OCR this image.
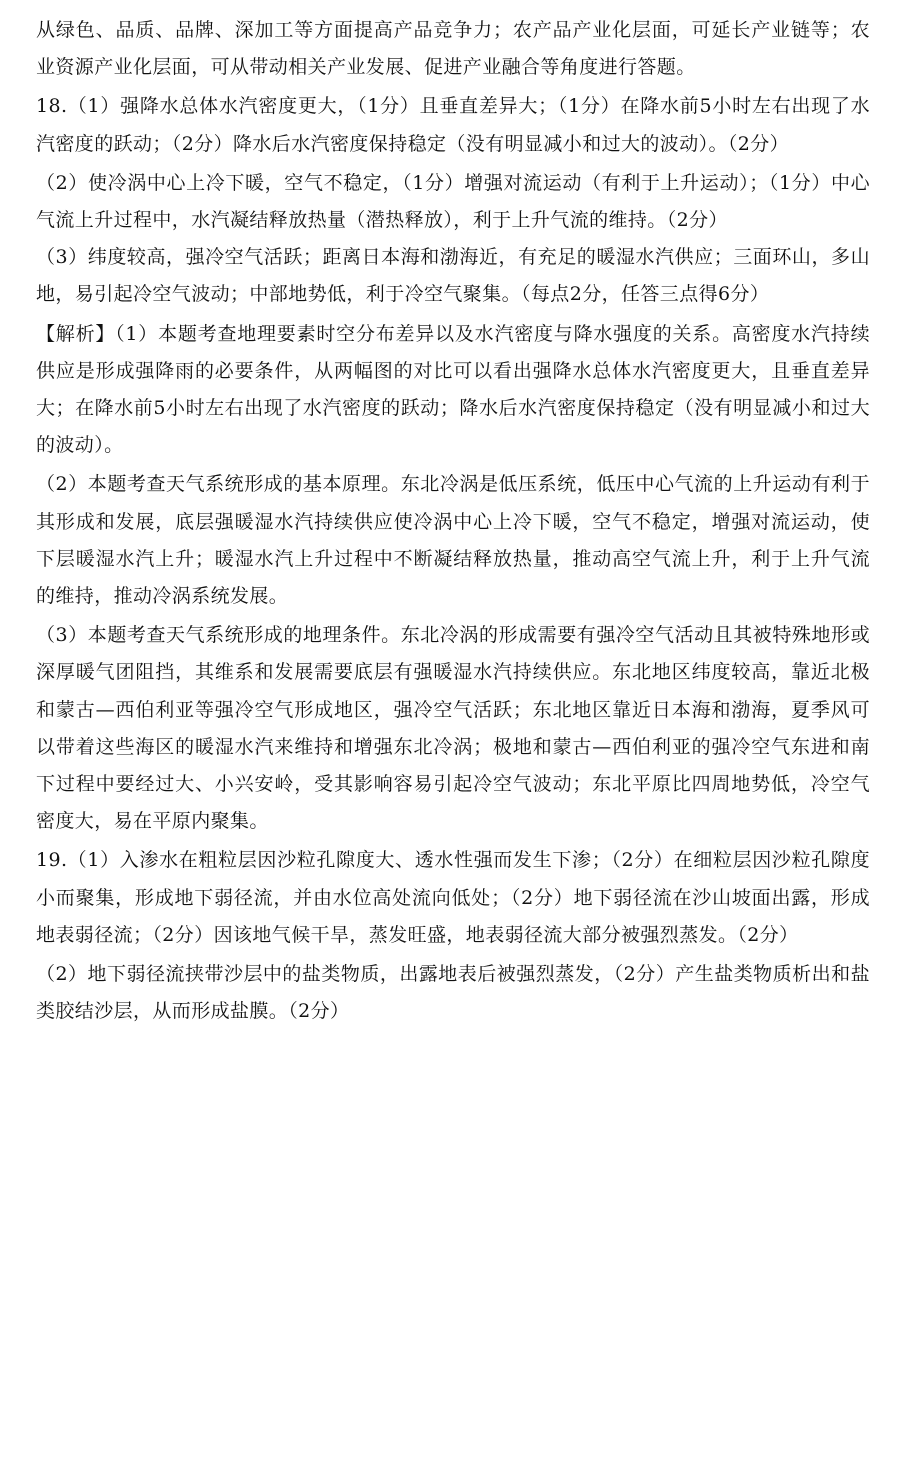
从绿色、品质、品牌、深加工等方面提高产品竞争力；农产品产业化层面，可延长产业链等；农业资源产业化层面，可从带动相关产业发展、促进产业融合等角度进行答题。

18.（1）强降水总体水汽密度更大，（1分）且垂直差异大；（1分）在降水前5小时左右出现了水汽密度的跃动；（2分）降水后水汽密度保持稳定（没有明显减小和过大的波动）。（2分）

（2）使冷涡中心上冷下暖，空气不稳定，（1分）增强对流运动（有利于上升运动）；（1分）中心气流上升过程中，水汽凝结释放热量（潜热释放），利于上升气流的维持。（2分）

（3）纬度较高，强冷空气活跃；距离日本海和渤海近，有充足的暖湿水汽供应；三面环山，多山地，易引起冷空气波动；中部地势低，利于冷空气聚集。（每点2分，任答三点得6分）

【解析】（1）本题考查地理要素时空分布差异以及水汽密度与降水强度的关系。高密度水汽持续供应是形成强降雨的必要条件，从两幅图的对比可以看出强降水总体水汽密度更大，且垂直差异大；在降水前5小时左右出现了水汽密度的跃动；降水后水汽密度保持稳定（没有明显减小和过大的波动）。

（2）本题考查天气系统形成的基本原理。东北冷涡是低压系统，低压中心气流的上升运动有利于其形成和发展，底层强暖湿水汽持续供应使冷涡中心上冷下暖，空气不稳定，增强对流运动，使下层暖湿水汽上升；暖湿水汽上升过程中不断凝结释放热量，推动高空气流上升，利于上升气流的维持，推动冷涡系统发展。

（3）本题考查天气系统形成的地理条件。东北冷涡的形成需要有强冷空气活动且其被特殊地形或深厚暖气团阻挡，其维系和发展需要底层有强暖湿水汽持续供应。东北地区纬度较高，靠近北极和蒙古—西伯利亚等强冷空气形成地区，强冷空气活跃；东北地区靠近日本海和渤海，夏季风可以带着这些海区的暖湿水汽来维持和增强东北冷涡；极地和蒙古—西伯利亚的强冷空气东进和南下过程中要经过大、小兴安岭，受其影响容易引起冷空气波动；东北平原比四周地势低，冷空气密度大，易在平原内聚集。

19.（1）入渗水在粗粒层因沙粒孔隙度大、透水性强而发生下渗；（2分）在细粒层因沙粒孔隙度小而聚集，形成地下弱径流，并由水位高处流向低处；（2分）地下弱径流在沙山坡面出露，形成地表弱径流；（2分）因该地气候干旱，蒸发旺盛，地表弱径流大部分被强烈蒸发。（2分）

（2）地下弱径流挟带沙层中的盐类物质，出露地表后被强烈蒸发，（2分）产生盐类物质析出和盐类胶结沙层，从而形成盐膜。（2分）
